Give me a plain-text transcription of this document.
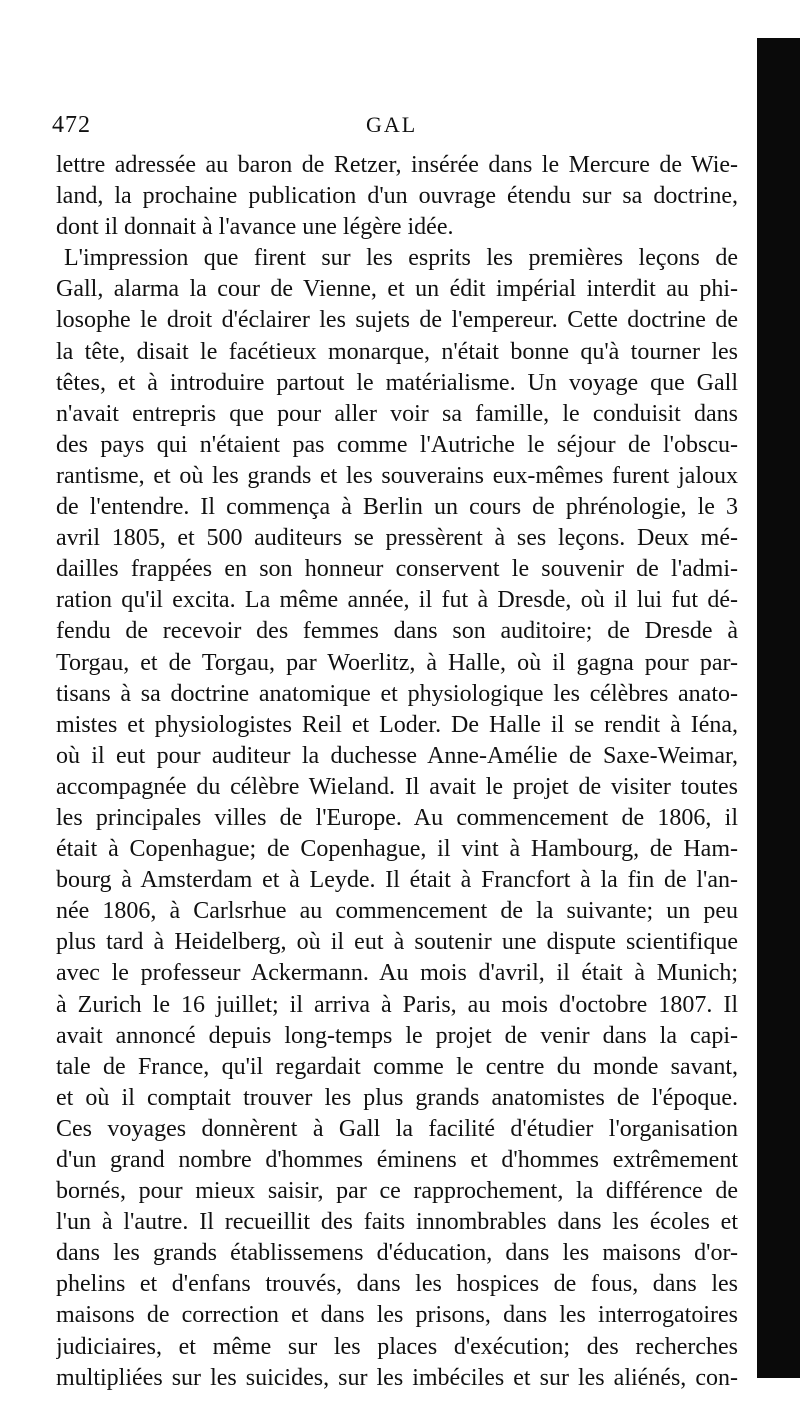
472	GAL
lettre adressée au baron de Retzer, insérée dans le Mercure de Wie-
land, la prochaine publication d'un ouvrage étendu sur sa doctrine,
dont il donnait à l'avance une légère idée.
L'impression que firent sur les esprits les premières leçons de
Gall, alarma la cour de Vienne, et un édit impérial interdit au phi-
losophe le droit d'éclairer les sujets de l'empereur. Cette doctrine de
la tête, disait le facétieux monarque, n'était bonne qu'à tourner les
têtes, et à introduire partout le matérialisme. Un voyage que Gall
n'avait entrepris que pour aller voir sa famille, le conduisit dans
des pays qui n'étaient pas comme l'Autriche le séjour de l'obscu-
rantisme, et où les grands et les souverains eux-mêmes furent jaloux
de l'entendre. Il commença à Berlin un cours de phrénologie, le 3
avril 1805, et 500 auditeurs se pressèrent à ses leçons. Deux mé-
dailles frappées en son honneur conservent le souvenir de l'admi-
ration qu'il excita. La même année, il fut à Dresde, où il lui fut dé-
fendu de recevoir des femmes dans son auditoire; de Dresde à
Torgau, et de Torgau, par Woerlitz, à Halle, où il gagna pour par-
tisans à sa doctrine anatomique et physiologique les célèbres anato-
mistes et physiologistes Reil et Loder. De Halle il se rendit à Iéna,
où il eut pour auditeur la duchesse Anne-Amélie de Saxe-Weimar,
accompagnée du célèbre Wieland. Il avait le projet de visiter toutes
les principales villes de l'Europe. Au commencement de 1806, il
était à Copenhague; de Copenhague, il vint à Hambourg, de Ham-
bourg à Amsterdam et à Leyde. Il était à Francfort à la fin de l'an-
née 1806, à Carlsrhue au commencement de la suivante; un peu
plus tard à Heidelberg, où il eut à soutenir une dispute scientifique
avec le professeur Ackermann. Au mois d'avril, il était à Munich;
à Zurich le 16 juillet; il arriva à Paris, au mois d'octobre 1807. Il
avait annoncé depuis long-temps le projet de venir dans la capi-
tale de France, qu'il regardait comme le centre du monde savant,
et où il comptait trouver les plus grands anatomistes de l'époque.
Ces voyages donnèrent à Gall la facilité d'étudier l'organisation
d'un grand nombre d'hommes éminens et d'hommes extrêmement
bornés, pour mieux saisir, par ce rapprochement, la différence de
l'un à l'autre. Il recueillit des faits innombrables dans les écoles et
dans les grands établissemens d'éducation, dans les maisons d'or-
phelins et d'enfans trouvés, dans les hospices de fous, dans les
maisons de correction et dans les prisons, dans les interrogatoires
judiciaires, et même sur les places d'exécution; des recherches
multipliées sur les suicides, sur les imbéciles et sur les aliénés, con-
